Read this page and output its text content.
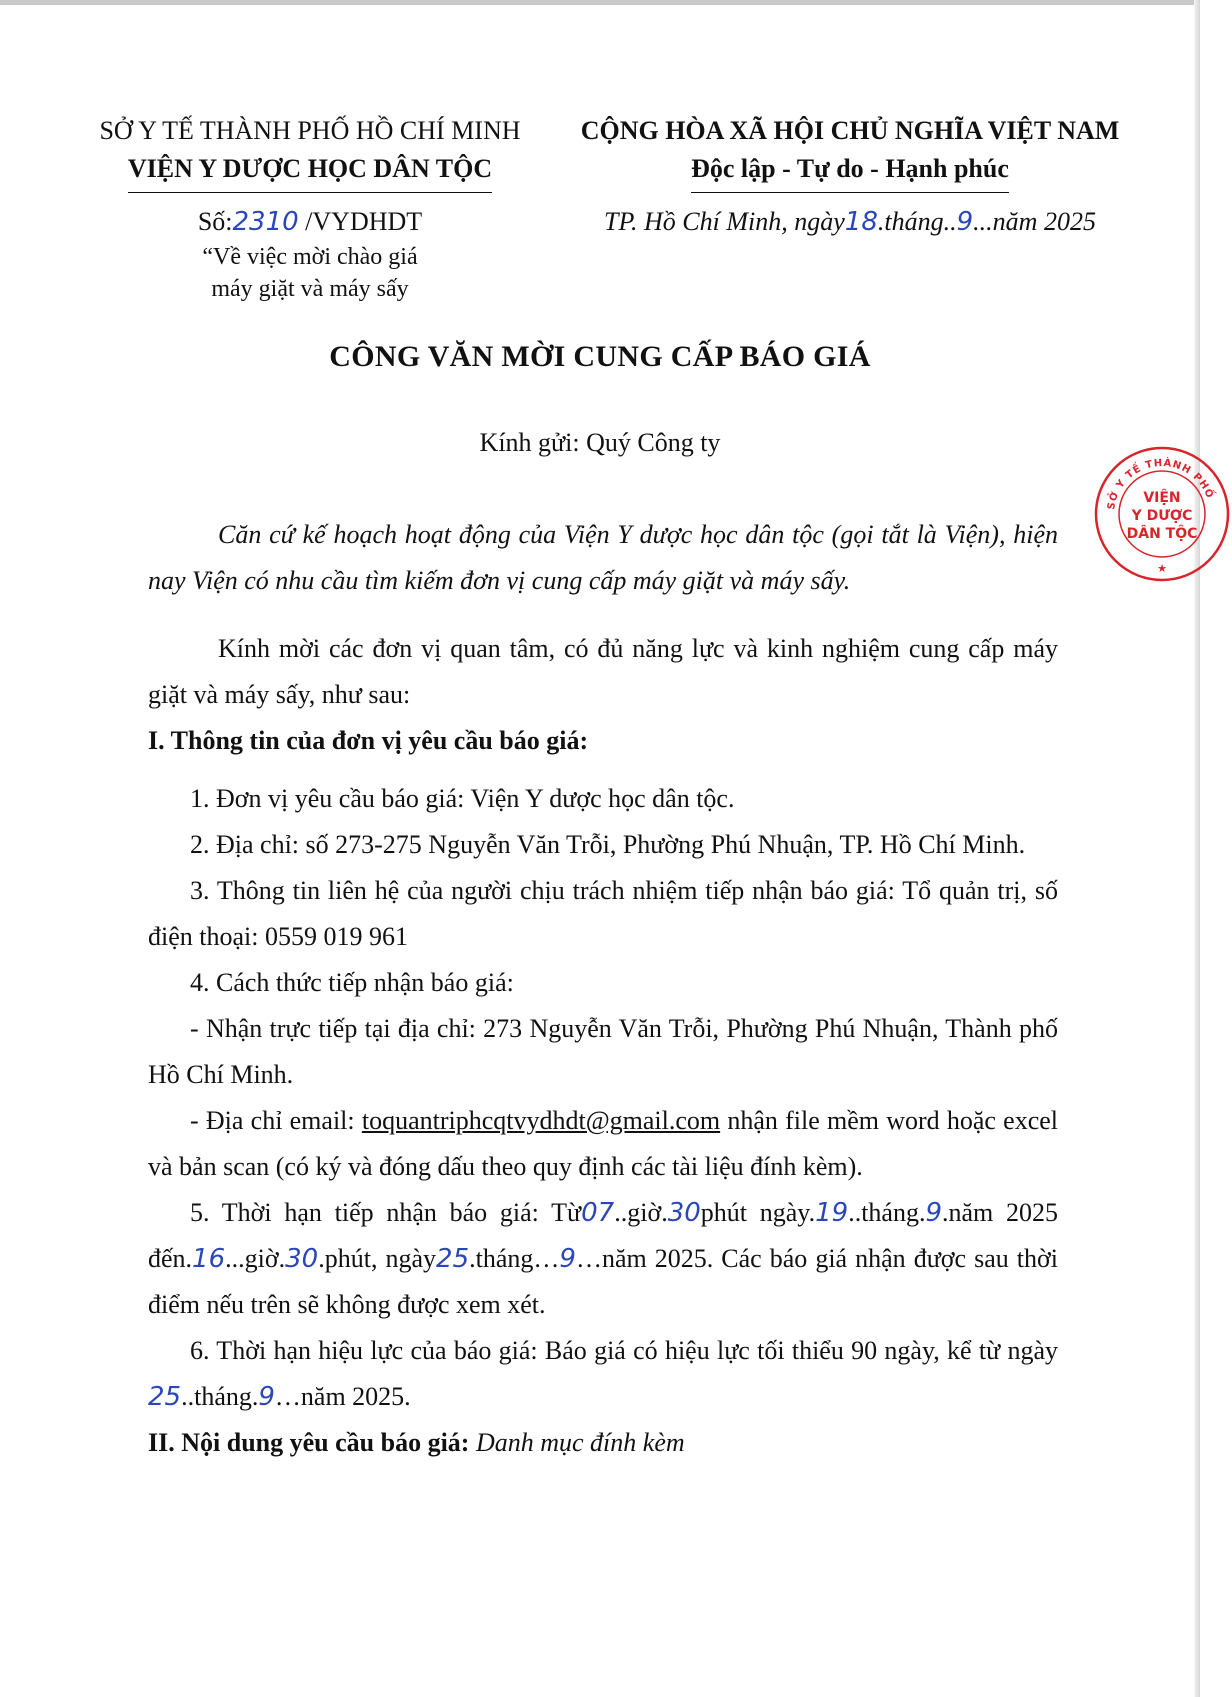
SỞ Y TẾ THÀNH PHỐ HỒ CHÍ MINH
VIỆN Y DƯỢC HỌC DÂN TỘC
Số:2310 /VYDHDT
“Về việc mời chào giá
máy giặt và máy sấy
CỘNG HÒA XÃ HỘI CHỦ NGHĨA VIỆT NAM
Độc lập - Tự do - Hạnh phúc
TP. Hồ Chí Minh, ngày18.tháng..9...năm 2025
CÔNG VĂN MỜI CUNG CẤP BÁO GIÁ
Kính gửi: Quý Công ty

Căn cứ kế hoạch hoạt động của Viện Y dược học dân tộc (gọi tắt là Viện), hiện nay Viện có nhu cầu tìm kiếm đơn vị cung cấp máy giặt và máy sấy.

Kính mời các đơn vị quan tâm, có đủ năng lực và kinh nghiệm cung cấp máy giặt và máy sấy, như sau:

I. Thông tin của đơn vị yêu cầu báo giá:

1. Đơn vị yêu cầu báo giá: Viện Y dược học dân tộc.

2. Địa chỉ: số 273-275 Nguyễn Văn Trỗi, Phường Phú Nhuận, TP. Hồ Chí Minh.

3. Thông tin liên hệ của người chịu trách nhiệm tiếp nhận báo giá: Tổ quản trị, số điện thoại: 0559 019 961

4. Cách thức tiếp nhận báo giá:

- Nhận trực tiếp tại địa chỉ: 273 Nguyễn Văn Trỗi, Phường Phú Nhuận, Thành phố Hồ Chí Minh.

- Địa chỉ email: toquantriphcqtvydhdt@gmail.com nhận file mềm word hoặc excel và bản scan (có ký và đóng dấu theo quy định các tài liệu đính kèm).

5. Thời hạn tiếp nhận báo giá: Từ07..giờ.30phút ngày.19..tháng.9.năm 2025 đến.16...giờ.30.phút, ngày25.tháng…9…năm 2025. Các báo giá nhận được sau thời điểm nếu trên sẽ không được xem xét.

6. Thời hạn hiệu lực của báo giá: Báo giá có hiệu lực tối thiểu 90 ngày, kể từ ngày 25..tháng.9…năm 2025.

II. Nội dung yêu cầu báo giá: Danh mục đính kèm

SỞ Y TẾ THÀNH PHỐ
VIỆN
Y DƯỢC
DÂN TỘC
★
